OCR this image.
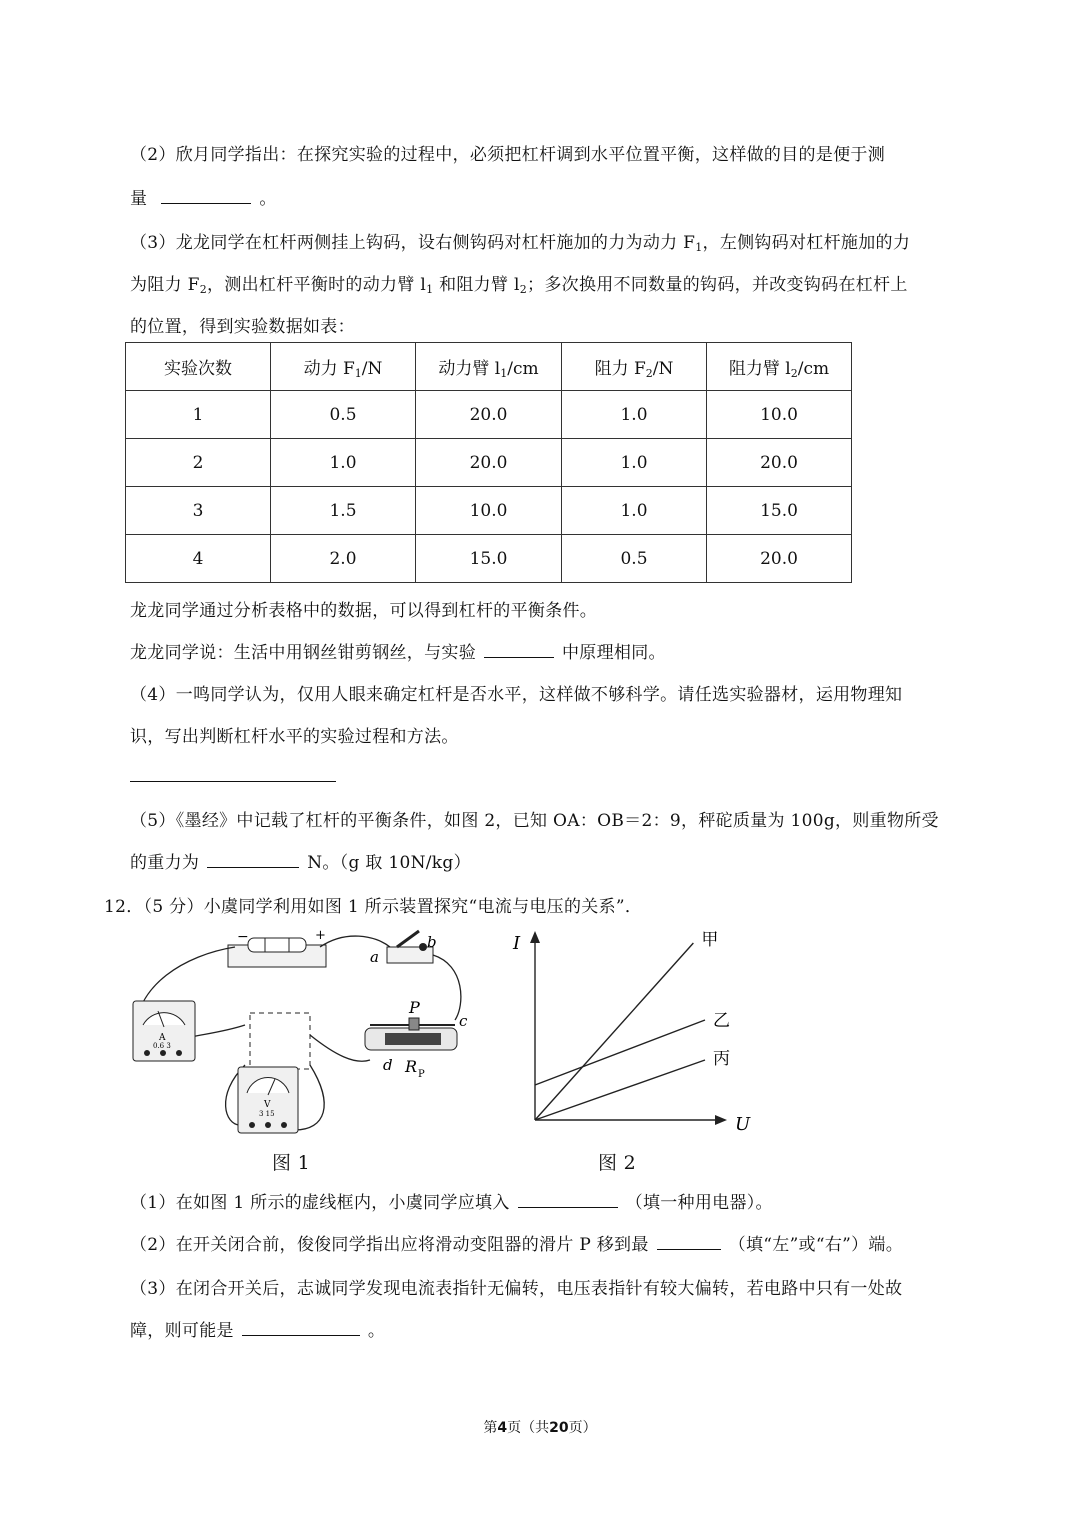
（2）欣月同学指出：在探究实验的过程中，必须把杠杆调到水平位置平衡，这样做的目的是便于测
量	。
（3）龙龙同学在杠杆两侧挂上钩码，设右侧钩码对杠杆施加的力为动力 $F_1$，左侧钩码对杠杆施加的力
为阻力 $F_2$，测出杠杆平衡时的动力臂 $l_1$ 和阻力臂 $l_2$；多次换用不同数量的钩码，并改变钩码在杠杆上
的位置，得到实验数据如表：
实验次数	动力 $F_1/N$	动力臂 $l_1/cm$	阻力 $F_2/N$	阻力臂 $l_2/cm$
1	0.5	20.0	1.0	10.0
2	1.0	20.0	1.0	20.0
3	1.5	10.0	1.0	15.0
4	2.0	15.0	0.5	20.0
龙龙同学通过分析表格中的数据，可以得到杠杆的平衡条件。
龙龙同学说：生活中用钢丝钳剪钢丝，与实验	中原理相同。
（4）一鸣同学认为，仅用人眼来确定杠杆是否水平，这样做不够科学。请任选实验器材，运用物理知
识，写出判断杠杆水平的实验过程和方法。
（5）《墨经》中记载了杠杆的平衡条件，如图 2，已知 OA：OB＝2：9，秤砣质量为 100g，则重物所受
的重力为	N。（g 取 10N/kg）
12．（5 分）小虞同学利用如图 1 所示装置探究“电流与电压的关系”．
−	+
a
b
A
0.6 3
P
c
d R P
V
3 15
图 1
I
U
甲
乙
丙
图 2
（1）在如图 1 所示的虚线框内，小虞同学应填入	（填一种用电器）。
（2）在开关闭合前，俊俊同学指出应将滑动变阻器的滑片 P 移到最	（填“左”或“右”）端。
（3）在闭合开关后，志诚同学发现电流表指针无偏转，电压表指针有较大偏转，若电路中只有一处故
障，则可能是	。
第4页（共20页）
